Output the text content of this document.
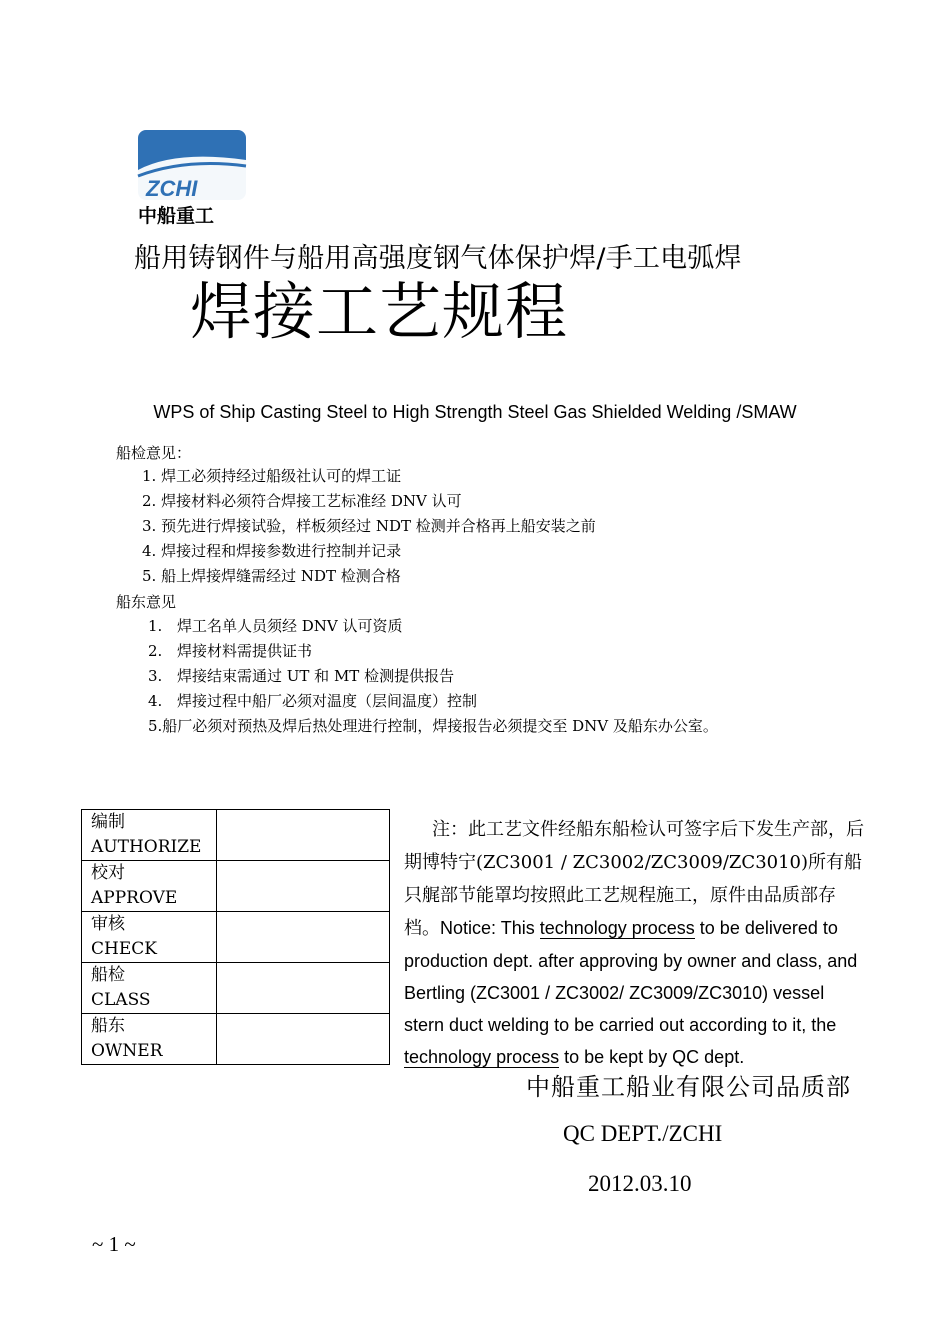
ZCHI
中船重工
船用铸钢件与船用高强度钢气体保护焊/手工电弧焊
焊接工艺规程
WPS of Ship Casting Steel to High Strength Steel Gas Shielded Welding /SMAW
船检意见：
1. 焊工必须持经过船级社认可的焊工证
2. 焊接材料必须符合焊接工艺标准经 DNV 认可
3. 预先进行焊接试验，样板须经过 NDT 检测并合格再上船安装之前
4. 焊接过程和焊接参数进行控制并记录
5. 船上焊接焊缝需经过 NDT 检测合格
船东意见
1. 焊工名单人员须经 DNV 认可资质
2. 焊接材料需提供证书
3. 焊接结束需通过 UT 和 MT 检测提供报告
4. 焊接过程中船厂必须对温度（层间温度）控制
5.船厂必须对预热及焊后热处理进行控制，焊接报告必须提交至 DNV 及船东办公室。
编制
AUTHORIZE	

校对
APPROVE	

审核
CHECK	

船检
CLASS	

船东
OWNER	

注：此工艺文件经船东船检认可签字后下发生产部，后期博特宁(ZC3001 / ZC3002/ZC3009/ZC3010)所有船只艉部节能罩均按照此工艺规程施工，原件由品质部存档。Notice: This technology process to be delivered to production dept. after approving by owner and class, and Bertling (ZC3001 / ZC3002/ ZC3009/ZC3010) vessel stern duct welding to be carried out according to it, the technology process to be kept by QC dept.
中船重工船业有限公司品质部
QC DEPT./ZCHI
2012.03.10
~ 1 ~
